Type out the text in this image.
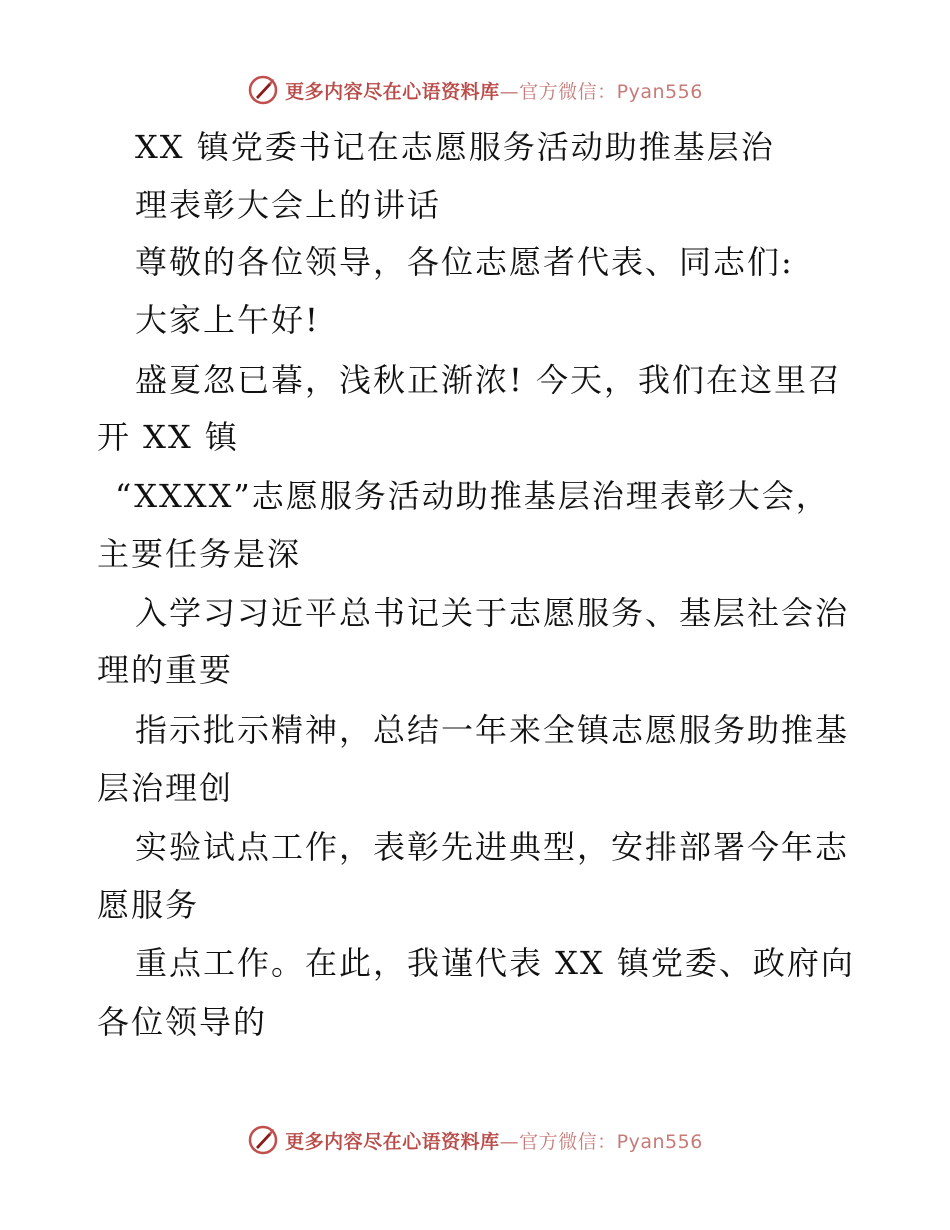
更多内容尽在心语资料库—官方微信：Pyan556
XX 镇党委书记在志愿服务活动助推基层治
理表彰大会上的讲话
尊敬的各位领导，各位志愿者代表、同志们:
大家上午好!
盛夏忽已暮，浅秋正渐浓! 今天，我们在这里召
开 XX 镇
“XXXX”志愿服务活动助推基层治理表彰大会，
主要任务是深
入学习习近平总书记关于志愿服务、基层社会治
理的重要
指示批示精神，总结一年来全镇志愿服务助推基
层治理创
实验试点工作，表彰先进典型，安排部署今年志
愿服务
重点工作。在此，我谨代表 XX 镇党委、政府向
各位领导的
更多内容尽在心语资料库—官方微信：Pyan556
